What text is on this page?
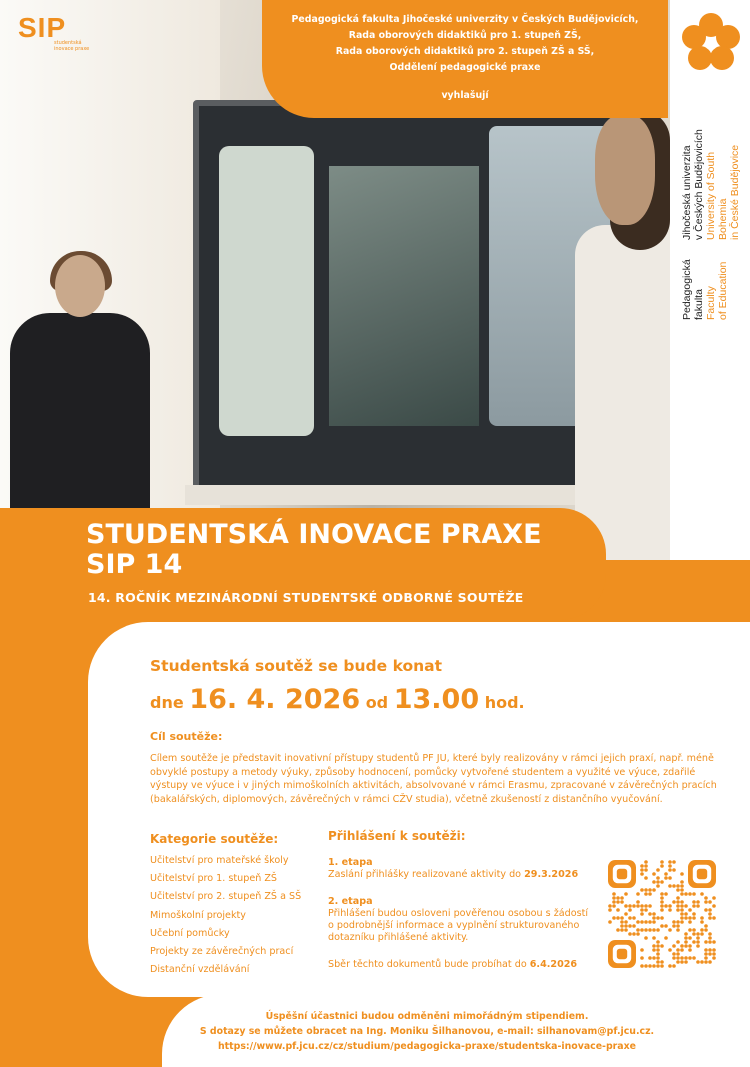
SIP
studentská inovace praxe
Pedagogická fakulta Jihočeské univerzity v Českých Budějovicích,
Rada oborových didaktiků pro 1. stupeň ZŠ,
Rada oborových didaktiků pro 2. stupeň ZŠ a SŠ,
Oddělení pedagogické praxe
vyhlašují
Jihočeská univerzita
v Českých Budějovicích
University of South Bohemia
in České Budějovice
Pedagogická
fakulta
Faculty
of Education
STUDENTSKÁ INOVACE PRAXE
SIP 14
14. ROČNÍK MEZINÁRODNÍ STUDENTSKÉ ODBORNÉ SOUTĚŽE
Studentská soutěž se bude konat
dne 16. 4. 2026 od 13.00 hod.
Cíl soutěže:
Cílem soutěže je představit inovativní přístupy studentů PF JU, které byly realizovány v rámci jejich praxí, např. méně obvyklé postupy a metody výuky, způsoby hodnocení, pomůcky vytvořené studentem a využité ve výuce, zdařilé výstupy ve výuce i v jiných mimoškolních aktivitách, absolvované v rámci Erasmu, zpracované v závěrečných pracích (bakalářských, diplomových, závěrečných v rámci CŽV studia), včetně zkušeností z distančního vyučování.
Kategorie soutěže:
Učitelství pro mateřské školy
Učitelství pro 1. stupeň ZŠ
Učitelství pro 2. stupeň ZŠ a SŠ
Mimoškolní projekty
Učební pomůcky
Projekty ze závěrečných prací
Distanční vzdělávání
Přihlášení k soutěži:
1. etapa
Zaslání přihlášky realizované aktivity do 29.3.2026
2. etapa
Přihlášení budou osloveni pověřenou osobou s žádostí o podrobnější informace a vyplnění strukturovaného dotazníku přihlášené aktivity.
Sběr těchto dokumentů bude probíhat do 6.4.2026
Úspěšní účastnici budou odměněni mimořádným stipendiem.
S dotazy se můžete obracet na Ing. Moniku Šilhanovou, e-mail: silhanovam@pf.jcu.cz.
https://www.pf.jcu.cz/cz/studium/pedagogicka-praxe/studentska-inovace-praxe
